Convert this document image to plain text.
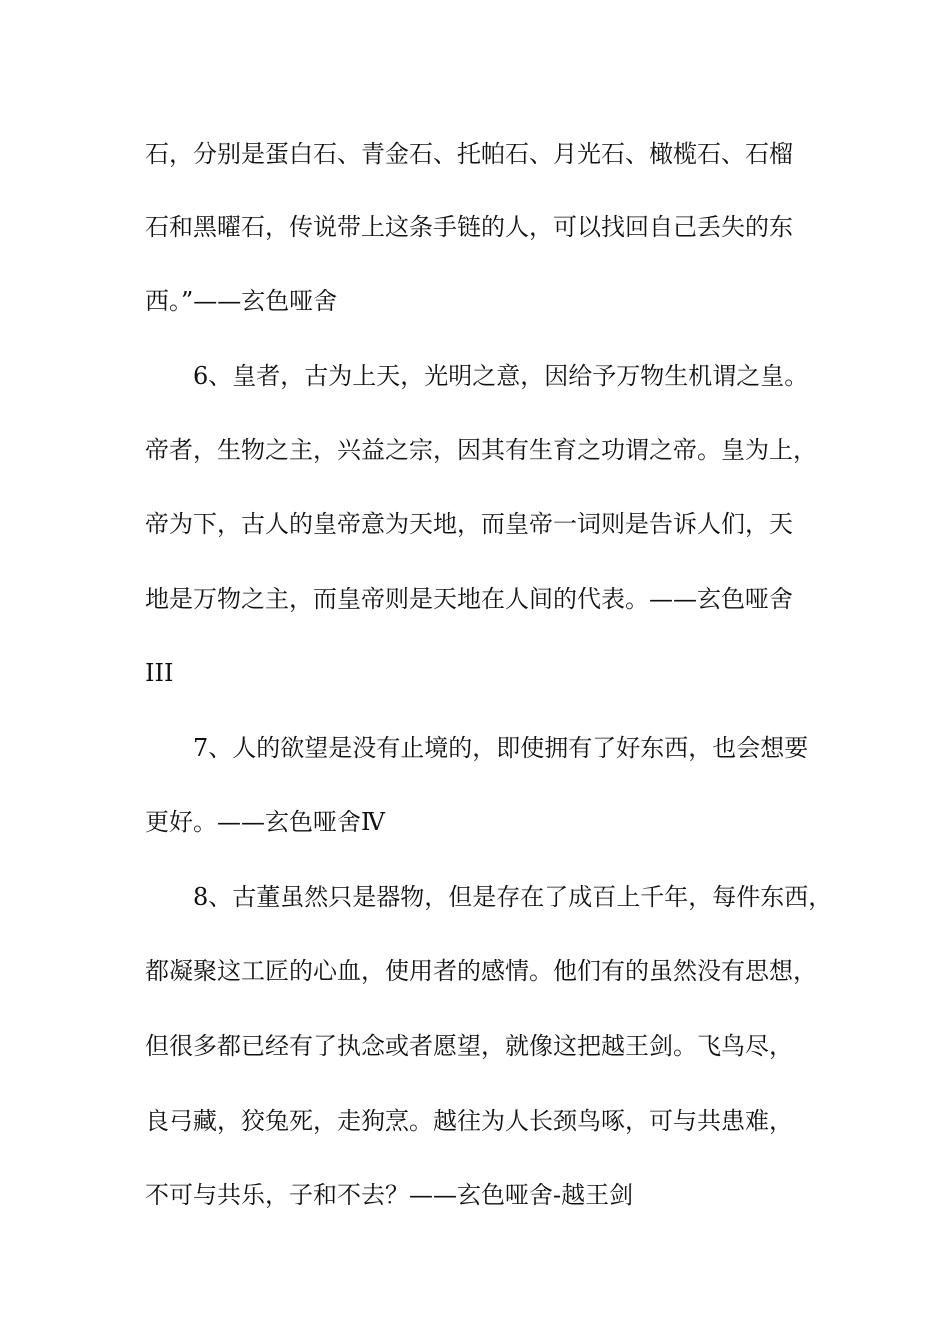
石，分别是蛋白石、青金石、托帕石、月光石、橄榄石、石榴
石和黑曜石，传说带上这条手链的人，可以找回自己丢失的东
西。”——玄色哑舍
6、皇者，古为上天，光明之意，因给予万物生机谓之皇。
帝者，生物之主，兴益之宗，因其有生育之功谓之帝。皇为上，
帝为下，古人的皇帝意为天地，而皇帝一词则是告诉人们，天
地是万物之主，而皇帝则是天地在人间的代表。——玄色哑舍
III
7、人的欲望是没有止境的，即使拥有了好东西，也会想要
更好。——玄色哑舍Ⅳ
8、古董虽然只是器物，但是存在了成百上千年，每件东西，
都凝聚这工匠的心血，使用者的感情。他们有的虽然没有思想，
但很多都已经有了执念或者愿望，就像这把越王剑。飞鸟尽，
良弓藏，狡兔死，走狗烹。越往为人长颈鸟啄，可与共患难，
不可与共乐，子和不去？——玄色哑舍-越王剑
